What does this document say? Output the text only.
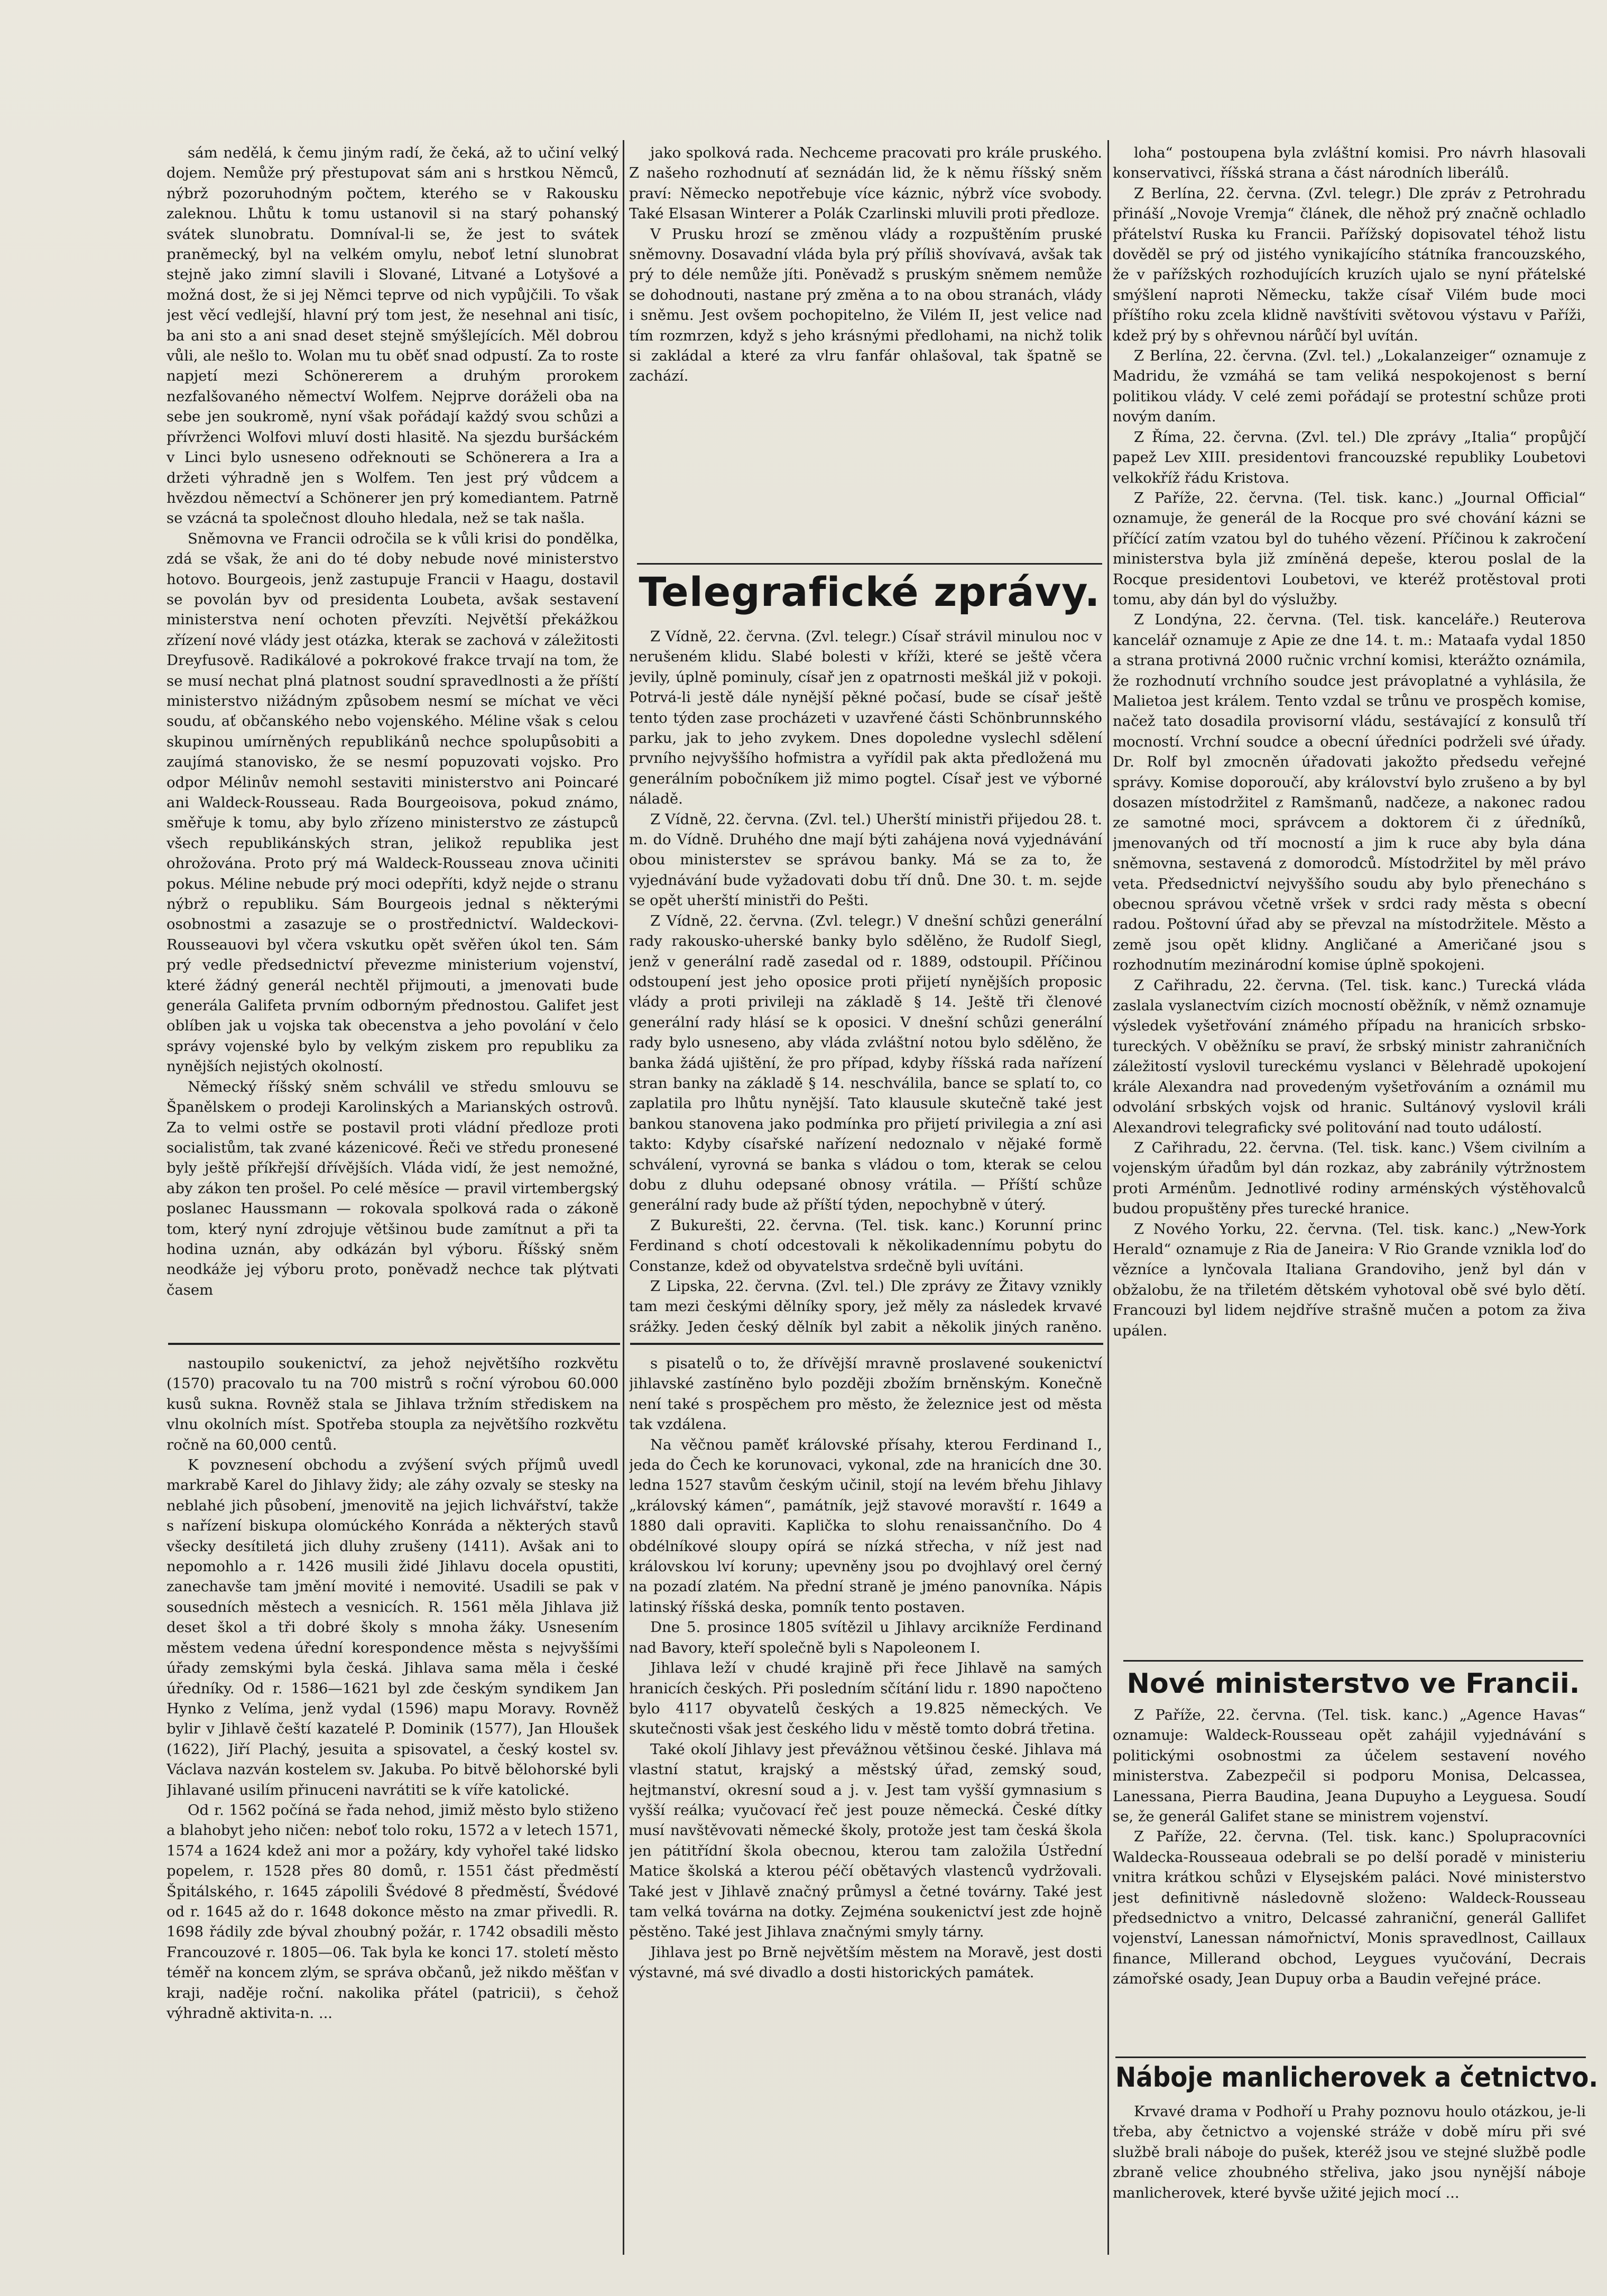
sám nedělá, k čemu jiným radí, že čeká, až to učiní velký dojem. Nemůže prý přestupovat sám ani s hrstkou Němců, nýbrž pozoruhodným počtem, kterého se v Rakousku zaleknou. Lhůtu k tomu ustanovil si na starý pohanský svátek slunobratu. Domníval-li se, že jest to svátek praněmecký, byl na velkém omylu, neboť letní slunobrat stejně jako zimní slavili i Slované, Litvané a Lotyšové a možná dost, že si jej Němci teprve od nich vypůjčili. To však jest věcí vedlejší, hlavní prý tom jest, že nesehnal ani tisíc, ba ani sto a ani snad deset stejně smýšlejících. Měl dobrou vůli, ale nešlo to. Wolan mu tu oběť snad odpustí. Za to roste napjetí mezi Schönererem a druhým prorokem nezfalšovaného němectví Wolfem. Nejprve doráželi oba na sebe jen soukromě, nyní však pořádají každý svou schůzi a přívrženci Wolfovi mluví dosti hlasitě. Na sjezdu buršáckém v Linci bylo usneseno odřeknouti se Schönerera a Ira a držeti výhradně jen s Wolfem. Ten jest prý vůdcem a hvězdou němectví a Schönerer jen prý komediantem. Patrně se vzácná ta společnost dlouho hledala, než se tak našla.

Sněmovna ve Francii odročila se k vůli krisi do pondělka, zdá se však, že ani do té doby nebude nové ministerstvo hotovo. Bourgeois, jenž zastupuje Francii v Haagu, dostavil se povolán byv od presidenta Loubeta, avšak sestavení ministerstva není ochoten převzíti. Největší překážkou zřízení nové vlády jest otázka, kterak se zachová v záležitosti Dreyfusově. Radikálové a pokrokové frakce trvají na tom, že se musí nechat plná platnost soudní spravedlnosti a že příští ministerstvo nižádným způsobem nesmí se míchat ve věci soudu, ať občanského nebo vojenského. Méline však s celou skupinou umírněných republikánů nechce spolupůsobiti a zaujímá stanovisko, že se nesmí popuzovati vojsko. Pro odpor Mélinův nemohl sestaviti ministerstvo ani Poincaré ani Waldeck-Rousseau. Rada Bourgeoisova, pokud známo, směřuje k tomu, aby bylo zřízeno ministerstvo ze zástupců všech republikánských stran, jelikož republika jest ohrožována. Proto prý má Waldeck-Rousseau znova učiniti pokus. Méline nebude prý moci odepříti, když nejde o stranu nýbrž o republiku. Sám Bourgeois jednal s některými osobnostmi a zasazuje se o prostřednictví. Waldeckovi-Rousseauovi byl včera vskutku opět svěřen úkol ten. Sám prý vedle předsednictví převezme ministerium vojenství, které žádný generál nechtěl přijmouti, a jmenovati bude generála Galifeta prvním odborným přednostou. Galifet jest oblíben jak u vojska tak obecenstva a jeho povolání v čelo správy vojenské bylo by velkým ziskem pro republiku za nynějších nejistých okolností.

Německý říšský sněm schválil ve středu smlouvu se Španělskem o prodeji Karolinských a Marianských ostrovů. Za to velmi ostře se postavil proti vládní předloze proti socialistům, tak zvané kázenicové. Řeči ve středu pronesené byly ještě příkřejší dřívějších. Vláda vidí, že jest nemožné, aby zákon ten prošel. Po celé měsíce — pravil virtembergský poslanec Haussmann — rokovala spolková rada o zákoně tom, který nyní zdrojuje většinou bude zamítnut a při ta hodina uznán, aby odkázán byl výboru. Říšský sněm neodkáže jej výboru proto, poněvadž nechce tak plýtvati časem

nastoupilo soukenictví, za jehož největšího rozkvětu (1570) pracovalo tu na 700 mistrů s roční výrobou 60.000 kusů sukna. Rovněž stala se Jihlava tržním střediskem na vlnu okolních míst. Spotřeba stoupla za největšího rozkvětu ročně na 60,000 centů.

K povznesení obchodu a zvýšení svých příjmů uvedl markrabě Karel do Jihlavy židy; ale záhy ozvaly se stesky na neblahé jich působení, jmenovitě na jejich lichvářství, takže s nařízení biskupa olomúckého Konráda a některých stavů všecky desítiletá jich dluhy zrušeny (1411). Avšak ani to nepomohlo a r. 1426 musili židé Jihlavu docela opustiti, zanechavše tam jmění movité i nemovité. Usadili se pak v sousedních městech a vesnicích. R. 1561 měla Jihlava již deset škol a tři dobré školy s mnoha žáky. Usnesením městem vedena úřední korespondence města s nejvyššími úřady zemskými byla česká. Jihlava sama měla i české úředníky. Od r. 1586—1621 byl zde českým syndikem Jan Hynko z Velíma, jenž vydal (1596) mapu Moravy. Rovněž bylir v Jihlavě čeští kazatelé P. Dominik (1577), Jan Hloušek (1622), Jiří Plachý, jesuita a spisovatel, a český kostel sv. Václava nazván kostelem sv. Jakuba. Po bitvě bělohorské byli Jihlavané usilím přinuceni navrátiti se k víře katolické.

Od r. 1562 počíná se řada nehod, jimiž město bylo stiženo a blahobyt jeho ničen: neboť tolo roku, 1572 a v letech 1571, 1574 a 1624 kdež ani mor a požáry, kdy vyhořel také lidsko popelem, r. 1528 přes 80 domů, r. 1551 část předměstí Špitálského, r. 1645 zápolili Švédové 8 předměstí, Švédové od r. 1645 až do r. 1648 dokonce město na zmar přivedli. R. 1698 řádily zde býval zhoubný požár, r. 1742 obsadili město Francouzové r. 1805—06. Tak byla ke konci 17. století město téměř na koncem zlým, se správa občanů, jež nikdo měšťan v kraji, naděje roční. nakolika přátel (patricii), s čehož výhradně aktivita-n. ...

jako spolková rada. Nechceme pracovati pro krále pruského. Z našeho rozhodnutí ať seznádán lid, že k němu říšský sněm praví: Německo nepotřebuje více káznic, nýbrž více svobody. Také Elsasan Winterer a Polák Czarlinski mluvili proti předloze.

V Prusku hrozí se změnou vlády a rozpuštěním pruské sněmovny. Dosavadní vláda byla prý příliš shovívavá, avšak tak prý to déle nemůže jíti. Poněvadž s pruským sněmem nemůže se dohodnouti, nastane prý změna a to na obou stranách, vlády i sněmu. Jest ovšem pochopitelno, že Vilém II, jest velice nad tím rozmrzen, když s jeho krásnými předlohami, na nichž tolik si zakládal a které za vlru fanfár ohlašoval, tak špatně se zachází.

Telegrafické zprávy.

Z Vídně, 22. června. (Zvl. telegr.) Císař strávil minulou noc v nerušeném klidu. Slabé bolesti v kříži, které se ještě včera jevily, úplně pominuly, císař jen z opatrnosti meškál již v pokoji. Potrvá-li jestě dále nynější pěkné počasí, bude se císař ještě tento týden zase procházeti v uzavřené části Schönbrunnského parku, jak to jeho zvykem. Dnes dopoledne vyslechl sdělení prvního nejvyššího hofmistra a vyřídil pak akta předložená mu generálním pobočníkem již mimo pogtel. Císař jest ve výborné náladě.

Z Vídně, 22. června. (Zvl. tel.) Uherští ministři přijedou 28. t. m. do Vídně. Druhého dne mají býti zahájena nová vyjednávání obou ministerstev se správou banky. Má se za to, že vyjednávání bude vyžadovati dobu tří dnů. Dne 30. t. m. sejde se opět uherští ministři do Pešti.

Z Vídně, 22. června. (Zvl. telegr.) V dnešní schůzi generální rady rakousko-uherské banky bylo sdělěno, že Rudolf Siegl, jenž v generální radě zasedal od r. 1889, odstoupil. Příčinou odstoupení jest jeho oposice proti přijetí nynějších proposic vlády a proti privileji na základě § 14. Ještě tři členové generální rady hlásí se k oposici. V dnešní schůzi generální rady bylo usneseno, aby vláda zvláštní notou bylo sdělěno, že banka žádá ujištění, že pro případ, kdyby říšská rada nařízení stran banky na základě § 14. neschválila, bance se splatí to, co zaplatila pro lhůtu nynější. Tato klausule skutečně také jest bankou stanovena jako podmínka pro přijetí privilegia a zní asi takto: Kdyby císařské nařízení nedoznalo v nějaké formě schválení, vyrovná se banka s vládou o tom, kterak se celou dobu z dluhu odepsané obnosy vrátila. — Příští schůze generální rady bude až příští týden, nepochybně v úterý.

Z Bukurešti, 22. června. (Tel. tisk. kanc.) Korunní princ Ferdinand s chotí odcestovali k několikadennímu pobytu do Constanze, kdež od obyvatelstva srdečně byli uvítáni.

Z Lipska, 22. června. (Zvl. tel.) Dle zprávy ze Žitavy vznikly tam mezi českými dělníky spory, jež měly za následek krvavé srážky. Jeden český dělník byl zabit a několik jiných raněno.

s pisatelů o to, že dřívější mravně proslavené soukenictví jihlavské zastíněno bylo později zbožím brněnským. Konečně není také s prospěchem pro město, že železnice jest od města tak vzdálena.

Na věčnou paměť královské přísahy, kterou Ferdinand I., jeda do Čech ke korunovaci, vykonal, zde na hranicích dne 30. ledna 1527 stavům českým učinil, stojí na levém břehu Jihlavy „královský kámen“, památník, jejž stavové moravští r. 1649 a 1880 dali opraviti. Kaplička to slohu renaissančního. Do 4 obdélníkové sloupy opírá se nízká střecha, v níž jest nad královskou lví koruny; upevněny jsou po dvojhlavý orel černý na pozadí zlatém. Na přední straně je jméno panovníka. Nápis latinský říšská deska, pomník tento postaven.

Dne 5. prosince 1805 svítězil u Jihlavy arcikníže Ferdinand nad Bavory, kteří společně byli s Napoleonem I.

Jihlava leží v chudé krajině při řece Jihlavě na samých hranicích českých. Při posledním sčítání lidu r. 1890 napočteno bylo 4117 obyvatelů českých a 19.825 německých. Ve skutečnosti však jest českého lidu v městě tomto dobrá třetina.

Také okolí Jihlavy jest převážnou většinou české. Jihlava má vlastní statut, krajský a městský úřad, zemský soud, hejtmanství, okresní soud a j. v. Jest tam vyšší gymnasium s vyšší reálka; vyučovací řeč jest pouze německá. České dítky musí navštěvovati německé školy, protože jest tam česká škola jen pátitřídní škola obecnou, kterou tam založila Ústřední Matice školská a kterou péčí obětavých vlastenců vydržovali. Také jest v Jihlavě značný průmysl a četné továrny. Také jest tam velká továrna na dotky. Zejména soukenictví jest zde hojně pěstěno. Také jest Jihlava značnými smyly tárny.

Jihlava jest po Brně největším městem na Moravě, jest dosti výstavné, má své divadlo a dosti historických památek.

loha“ postoupena byla zvláštní komisi. Pro návrh hlasovali konservativci, říšská strana a část národních liberálů.

Z Berlína, 22. června. (Zvl. telegr.) Dle zpráv z Petrohradu přináší „Novoje Vremja“ článek, dle něhož prý značně ochladlo přátelství Ruska ku Francii. Pařížský dopisovatel téhož listu dověděl se prý od jistého vynikajícího státníka francouzského, že v pařížských rozhodujících kruzích ujalo se nyní přátelské smýšlení naproti Německu, takže císař Vilém bude moci příštího roku zcela klidně navštíviti světovou výstavu v Paříži, kdež prý by s ohřevnou nárůčí byl uvítán.

Z Berlína, 22. června. (Zvl. tel.) „Lokalanzeiger“ oznamuje z Madridu, že vzmáhá se tam veliká nespokojenost s berní politikou vlády. V celé zemi pořádají se protestní schůze proti novým daním.

Z Říma, 22. června. (Zvl. tel.) Dle zprávy „Italia“ propůjčí papež Lev XIII. presidentovi francouzské republiky Loubetovi velkokříž řádu Kristova.

Z Paříže, 22. června. (Tel. tisk. kanc.) „Journal Official“ oznamuje, že generál de la Rocque pro své chování kázni se příčící zatím vzatou byl do tuhého vězení. Příčinou k zakročení ministerstva byla již zmíněná depeše, kterou poslal de la Rocque presidentovi Loubetovi, ve kteréž protěstoval proti tomu, aby dán byl do výslužby.

Z Londýna, 22. června. (Tel. tisk. kanceláře.) Reuterova kancelář oznamuje z Apie ze dne 14. t. m.: Mataafa vydal 1850 a strana protivná 2000 ručnic vrchní komisi, kterážto oznámila, že rozhodnutí vrchního soudce jest právoplatné a vyhlásila, že Malietoa jest králem. Tento vzdal se trůnu ve prospěch komise, načež tato dosadila provisorní vládu, sestávající z konsulů tří mocností. Vrchní soudce a obecní úředníci podrželi své úřady. Dr. Rolf byl zmocněn úřadovati jakožto předsedu veřejné správy. Komise doporoučí, aby království bylo zrušeno a by byl dosazen místodržitel z Ramšmanů, nadčeze, a nakonec radou ze samotné moci, správcem a doktorem či z úředníků, jmenovaných od tří mocností a jim k ruce aby byla dána sněmovna, sestavená z domorodců. Místodržitel by měl právo veta. Předsednictví nejvyššího soudu aby bylo přenecháno s obecnou správou včetně vršek v srdci rady města s obecní radou. Poštovní úřad aby se převzal na místodržitele. Město a země jsou opět klidny. Angličané a Američané jsou s rozhodnutím mezinárodní komise úplně spokojeni.

Z Cařihradu, 22. června. (Tel. tisk. kanc.) Turecká vláda zaslala vyslanectvím cizích mocností oběžník, v němž oznamuje výsledek vyšetřování známého případu na hranicích srbsko-tureckých. V oběžníku se praví, že srbský ministr zahraničních záležitostí vyslovil tureckému vyslanci v Bělehradě upokojení krále Alexandra nad provedeným vyšetřováním a oznámil mu odvolání srbských vojsk od hranic. Sultánový vyslovil králi Alexandrovi telegraficky své politování nad touto událostí.

Z Cařihradu, 22. června. (Tel. tisk. kanc.) Všem civilním a vojenským úřadům byl dán rozkaz, aby zabránily výtržnostem proti Arménům. Jednotlivé rodiny arménských výstěhovalců budou propuštěny přes turecké hranice.

Z Nového Yorku, 22. června. (Tel. tisk. kanc.) „New-York Herald“ oznamuje z Ria de Janeira: V Rio Grande vznikla loď do vězníce a lynčovala Italiana Grandoviho, jenž byl dán v obžalobu, že na třiletém dětském vyhotoval obě své bylo dětí. Francouzi byl lidem nejdříve strašně mučen a potom za živa upálen.

Nové ministerstvo ve Francii.

Z Paříže, 22. června. (Tel. tisk. kanc.) „Agence Havas“ oznamuje: Waldeck-Rousseau opět zahájil vyjednávání s politickými osobnostmi za účelem sestavení nového ministerstva. Zabezpečil si podporu Monisa, Delcassea, Lanessana, Pierra Baudina, Jeana Dupuyho a Leyguesa. Soudí se, že generál Galifet stane se ministrem vojenství.

Z Paříže, 22. června. (Tel. tisk. kanc.) Spolupracovníci Waldecka-Rousseaua odebrali se po delší poradě v ministeriu vnitra krátkou schůzi v Elysejském paláci. Nové ministerstvo jest definitivně následovně složeno: Waldeck-Rousseau předsednictvo a vnitro, Delcassé zahraniční, generál Gallifet vojenství, Lanessan námořnictví, Monis spravedlnost, Caillaux finance, Millerand obchod, Leygues vyučování, Decrais zámořské osady, Jean Dupuy orba a Baudin veřejné práce.

Náboje manlicherovek a četnictvo.

Krvavé drama v Podhoří u Prahy poznovu houlo otázkou, je-li třeba, aby četnictvo a vojenské stráže v době míru při své službě brali náboje do pušek, kteréž jsou ve stejné službě podle zbraně velice zhoubného střeliva, jako jsou nynější náboje manlicherovek, které byvše užité jejich mocí ...
